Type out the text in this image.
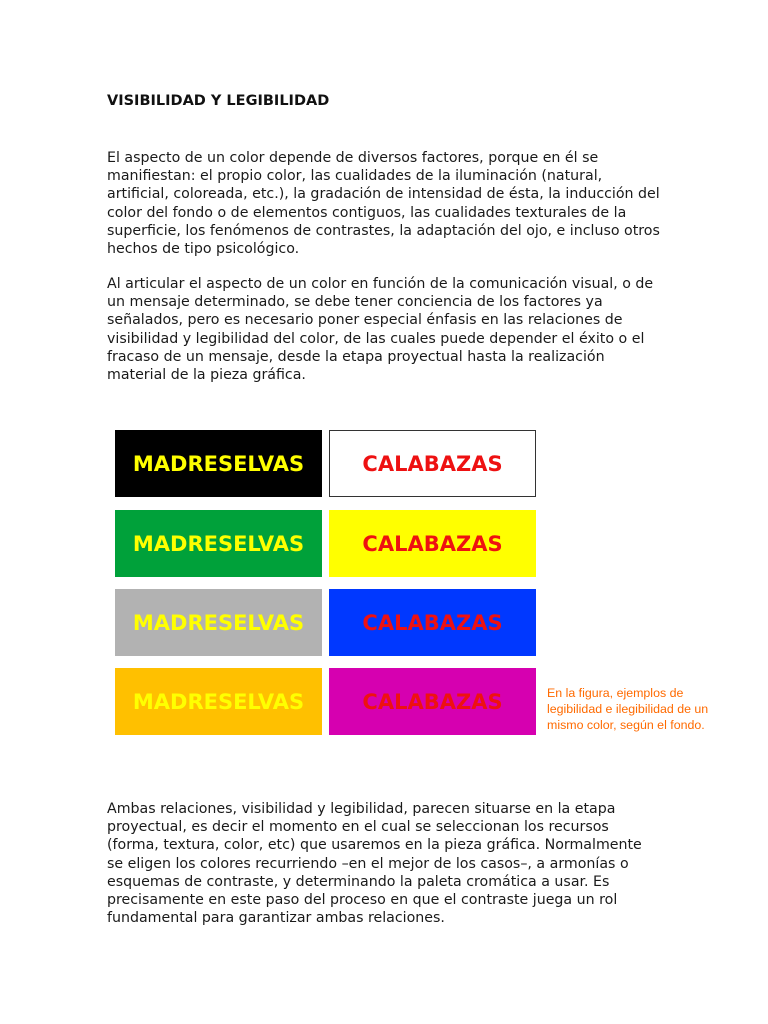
VISIBILIDAD Y LEGIBILIDAD

El aspecto de un color depende de diversos factores, porque en él se manifiestan: el propio color, las cualidades de la iluminación (natural, artificial, coloreada, etc.), la gradación de intensidad de ésta, la inducción del color del fondo o de elementos contiguos, las cualidades texturales de la superficie, los fenómenos de contrastes, la adaptación del ojo, e incluso otros hechos de tipo psicológico.

Al articular el aspecto de un color en función de la comunicación visual, o de un mensaje determinado, se debe tener conciencia de los factores ya señalados, pero es necesario poner especial énfasis en las relaciones de visibilidad y legibilidad del color, de las cuales puede depender el éxito o el fracaso de un mensaje, desde la etapa proyectual hasta la realización material de la pieza gráfica.

MADRESELVAS	CALABAZAS
MADRESELVAS	CALABAZAS
MADRESELVAS	CALABAZAS
MADRESELVAS	CALABAZAS	En la figura, ejemplos de legibilidad e ilegibilidad de un mismo color, según el fondo.

Ambas relaciones, visibilidad y legibilidad, parecen situarse en la etapa proyectual, es decir el momento en el cual se seleccionan los recursos (forma, textura, color, etc) que usaremos en la pieza gráfica. Normalmente se eligen los colores recurriendo –en el mejor de los casos–, a armonías o esquemas de contraste, y determinando la paleta cromática a usar. Es precisamente en este paso del proceso en que el contraste juega un rol fundamental para garantizar ambas relaciones.
